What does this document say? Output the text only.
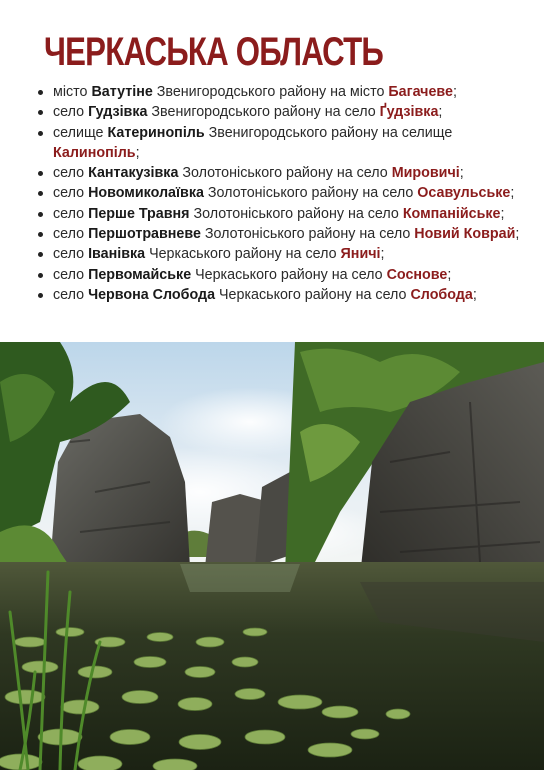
ЧЕРКАСЬКА ОБЛАСТЬ
місто Ватутіне Звенигородського району на місто Багачеве;
село Гудзівка Звенигородського району на село Ґудзівка;
селище Катеринопіль Звенигородського району на селище Калинопіль;
село Кантакузівка Золотоніського району на село Мировичі;
село Новомиколаївка Золотоніського району на село Осавульське;
село Перше Травня Золотоніського району на село Компанійське;
село Першотравневе Золотоніського району на село Новий Коврай;
село Іванівка Черкаського району на село Яничі;
село Первомайське Черкаського району на село Соснове;
село Червона Слобода Черкаського району на село Слобода;
